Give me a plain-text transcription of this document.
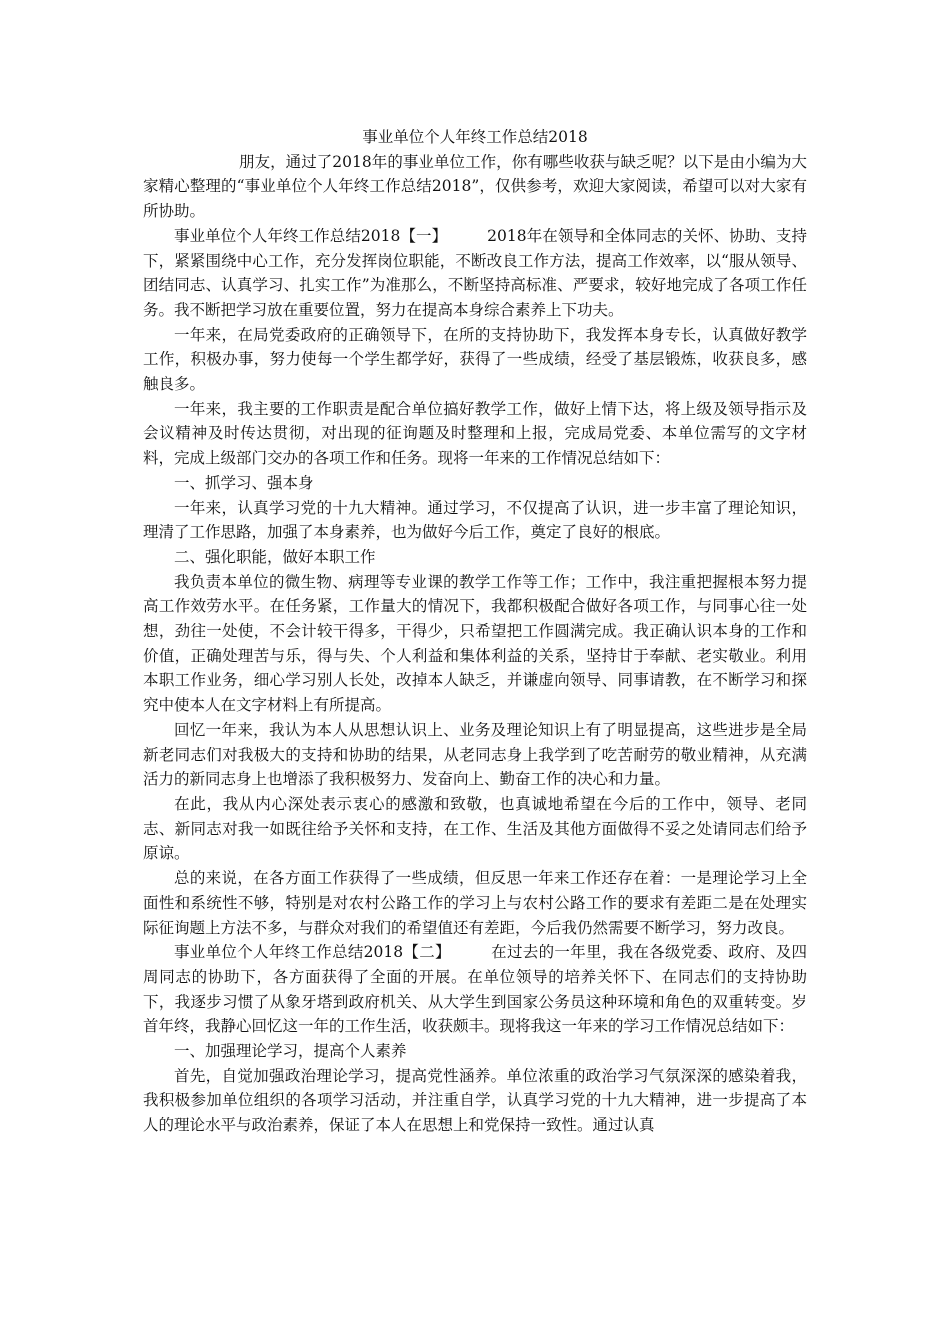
事业单位个人年终工作总结2018

朋友，通过了2018年的事业单位工作，你有哪些收获与缺乏呢？以下是由小编为大家精心整理的“事业单位个人年终工作总结2018”，仅供参考，欢迎大家阅读，希望可以对大家有所协助。

事业单位个人年终工作总结2018【一】	2018年在领导和全体同志的关怀、协助、支持下，紧紧围绕中心工作，充分发挥岗位职能，不断改良工作方法，提高工作效率，以“服从领导、团结同志、认真学习、扎实工作”为准那么，不断坚持高标准、严要求，较好地完成了各项工作任务。我不断把学习放在重要位置，努力在提高本身综合素养上下功夫。

一年来，在局党委政府的正确领导下，在所的支持协助下，我发挥本身专长，认真做好教学工作，积极办事，努力使每一个学生都学好，获得了一些成绩，经受了基层锻炼，收获良多，感触良多。

一年来，我主要的工作职责是配合单位搞好教学工作，做好上情下达，将上级及领导指示及会议精神及时传达贯彻，对出现的征询题及时整理和上报，完成局党委、本单位需写的文字材料，完成上级部门交办的各项工作和任务。现将一年来的工作情况总结如下：

一、抓学习、强本身

一年来，认真学习党的十九大精神。通过学习，不仅提高了认识，进一步丰富了理论知识，理清了工作思路，加强了本身素养，也为做好今后工作，奠定了良好的根底。

二、强化职能，做好本职工作

我负责本单位的微生物、病理等专业课的教学工作等工作；工作中，我注重把握根本努力提高工作效劳水平。在任务紧，工作量大的情况下，我都积极配合做好各项工作，与同事心往一处想，劲往一处使，不会计较干得多，干得少，只希望把工作圆满完成。我正确认识本身的工作和价值，正确处理苦与乐，得与失、个人利益和集体利益的关系，坚持甘于奉献、老实敬业。利用本职工作业务，细心学习别人长处，改掉本人缺乏，并谦虚向领导、同事请教，在不断学习和探究中使本人在文字材料上有所提高。

回忆一年来，我认为本人从思想认识上、业务及理论知识上有了明显提高，这些进步是全局新老同志们对我极大的支持和协助的结果，从老同志身上我学到了吃苦耐劳的敬业精神，从充满活力的新同志身上也增添了我积极努力、发奋向上、勤奋工作的决心和力量。

在此，我从内心深处表示衷心的感激和致敬，也真诚地希望在今后的工作中，领导、老同志、新同志对我一如既往给予关怀和支持，在工作、生活及其他方面做得不妥之处请同志们给予原谅。

总的来说，在各方面工作获得了一些成绩，但反思一年来工作还存在着：一是理论学习上全面性和系统性不够，特别是对农村公路工作的学习上与农村公路工作的要求有差距二是在处理实际征询题上方法不多，与群众对我们的希望值还有差距，今后我仍然需要不断学习，努力改良。

事业单位个人年终工作总结2018【二】	在过去的一年里，我在各级党委、政府、及四周同志的协助下，各方面获得了全面的开展。在单位领导的培养关怀下、在同志们的支持协助下，我逐步习惯了从象牙塔到政府机关、从大学生到国家公务员这种环境和角色的双重转变。岁首年终，我静心回忆这一年的工作生活，收获颇丰。现将我这一年来的学习工作情况总结如下：

一、加强理论学习，提高个人素养

首先，自觉加强政治理论学习，提高党性涵养。单位浓重的政治学习气氛深深的感染着我，我积极参加单位组织的各项学习活动，并注重自学，认真学习党的十九大精神，进一步提高了本人的理论水平与政治素养，保证了本人在思想上和党保持一致性。通过认真
